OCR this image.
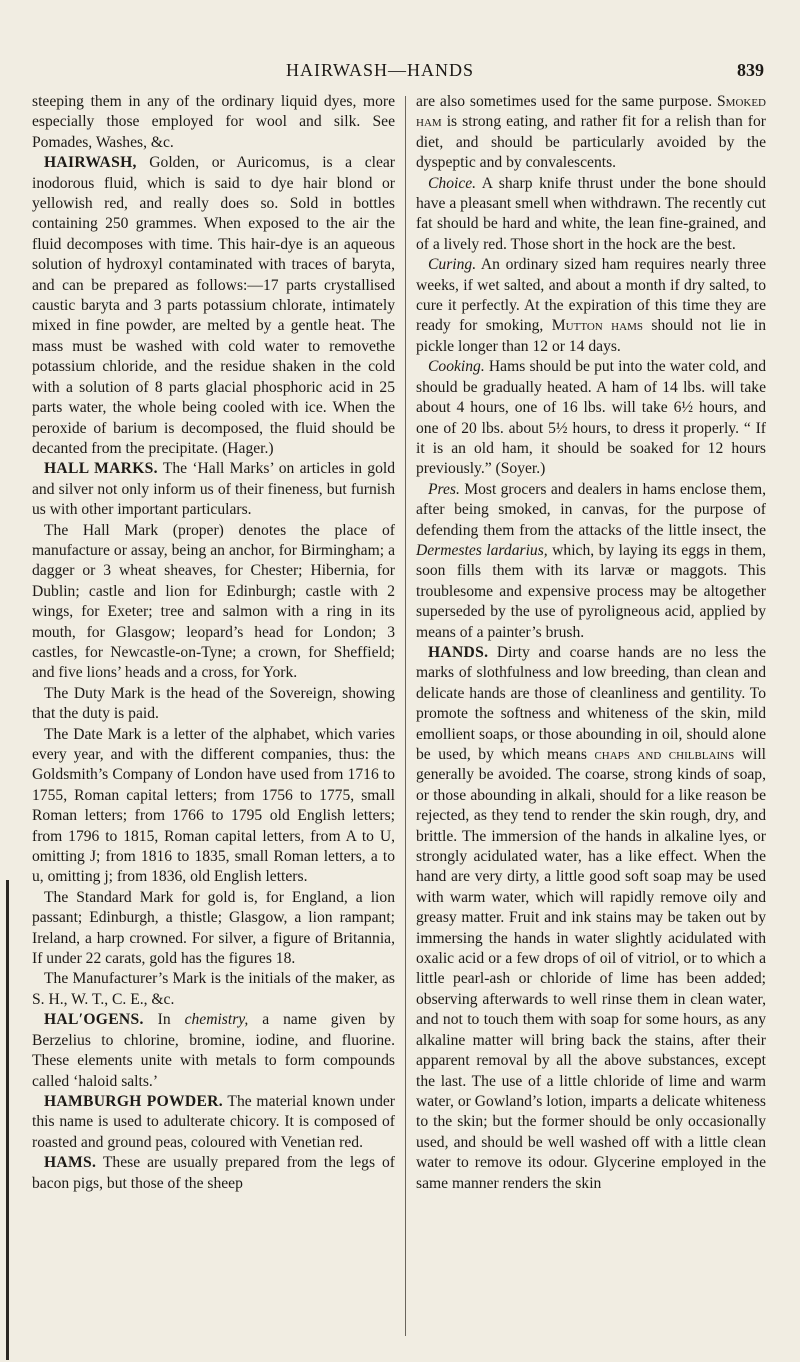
HAIRWASH—HANDS	839

steeping them in any of the ordinary liquid dyes, more especially those employed for wool and silk. See Pomades, Washes, &c.

HAIRWASH, Golden, or Auricomus, is a clear inodorous fluid, which is said to dye hair blond or yellowish red, and really does so. Sold in bottles containing 250 grammes. When exposed to the air the fluid decomposes with time. This hair-dye is an aqueous solution of hydroxyl contaminated with traces of baryta, and can be prepared as follows:—17 parts crystallised caustic baryta and 3 parts potassium chlorate, intimately mixed in fine powder, are melted by a gentle heat. The mass must be washed with cold water to removethe potassium chloride, and the residue shaken in the cold with a solution of 8 parts glacial phosphoric acid in 25 parts water, the whole being cooled with ice. When the peroxide of barium is decomposed, the fluid should be decanted from the precipitate. (Hager.)

HALL MARKS. The ‘Hall Marks’ on articles in gold and silver not only inform us of their fineness, but furnish us with other important particulars.

The Hall Mark (proper) denotes the place of manufacture or assay, being an anchor, for Birmingham; a dagger or 3 wheat sheaves, for Chester; Hibernia, for Dublin; castle and lion for Edinburgh; castle with 2 wings, for Exeter; tree and salmon with a ring in its mouth, for Glasgow; leopard’s head for London; 3 castles, for Newcastle-on-Tyne; a crown, for Sheffield; and five lions’ heads and a cross, for York.

The Duty Mark is the head of the Sovereign, showing that the duty is paid.

The Date Mark is a letter of the alphabet, which varies every year, and with the different companies, thus: the Goldsmith’s Company of London have used from 1716 to 1755, Roman capital letters; from 1756 to 1775, small Roman letters; from 1766 to 1795 old English letters; from 1796 to 1815, Roman capital letters, from A to U, omitting J; from 1816 to 1835, small Roman letters, a to u, omitting j; from 1836, old English letters.

The Standard Mark for gold is, for England, a lion passant; Edinburgh, a thistle; Glasgow, a lion rampant; Ireland, a harp crowned. For silver, a figure of Britannia, If under 22 carats, gold has the figures 18.

The Manufacturer’s Mark is the initials of the maker, as S. H., W. T., C. E., &c.

HAL′OGENS. In chemistry, a name given by Berzelius to chlorine, bromine, iodine, and fluorine. These elements unite with metals to form compounds called ‘haloid salts.’

HAMBURGH POWDER. The material known under this name is used to adulterate chicory. It is composed of roasted and ground peas, coloured with Venetian red.

HAMS. These are usually prepared from the legs of bacon pigs, but those of the sheep

are also sometimes used for the same purpose. Smoked ham is strong eating, and rather fit for a relish than for diet, and should be particularly avoided by the dyspeptic and by convalescents.

Choice. A sharp knife thrust under the bone should have a pleasant smell when withdrawn. The recently cut fat should be hard and white, the lean fine-grained, and of a lively red. Those short in the hock are the best.

Curing. An ordinary sized ham requires nearly three weeks, if wet salted, and about a month if dry salted, to cure it perfectly. At the expiration of this time they are ready for smoking, Mutton hams should not lie in pickle longer than 12 or 14 days.

Cooking. Hams should be put into the water cold, and should be gradually heated. A ham of 14 lbs. will take about 4 hours, one of 16 lbs. will take 6½ hours, and one of 20 lbs. about 5½ hours, to dress it properly. “ If it is an old ham, it should be soaked for 12 hours previously.” (Soyer.)

Pres. Most grocers and dealers in hams enclose them, after being smoked, in canvas, for the purpose of defending them from the attacks of the little insect, the Dermestes lardarius, which, by laying its eggs in them, soon fills them with its larvæ or maggots. This troublesome and expensive process may be altogether superseded by the use of pyroligneous acid, applied by means of a painter’s brush.

HANDS. Dirty and coarse hands are no less the marks of slothfulness and low breeding, than clean and delicate hands are those of cleanliness and gentility. To promote the softness and whiteness of the skin, mild emollient soaps, or those abounding in oil, should alone be used, by which means chaps and chilblains will generally be avoided. The coarse, strong kinds of soap, or those abounding in alkali, should for a like reason be rejected, as they tend to render the skin rough, dry, and brittle. The immersion of the hands in alkaline lyes, or strongly acidulated water, has a like effect. When the hand are very dirty, a little good soft soap may be used with warm water, which will rapidly remove oily and greasy matter. Fruit and ink stains may be taken out by immersing the hands in water slightly acidulated with oxalic acid or a few drops of oil of vitriol, or to which a little pearl-ash or chloride of lime has been added; observing afterwards to well rinse them in clean water, and not to touch them with soap for some hours, as any alkaline matter will bring back the stains, after their apparent removal by all the above substances, except the last. The use of a little chloride of lime and warm water, or Gowland’s lotion, imparts a delicate whiteness to the skin; but the former should be only occasionally used, and should be well washed off with a little clean water to remove its odour. Glycerine employed in the same manner renders the skin
